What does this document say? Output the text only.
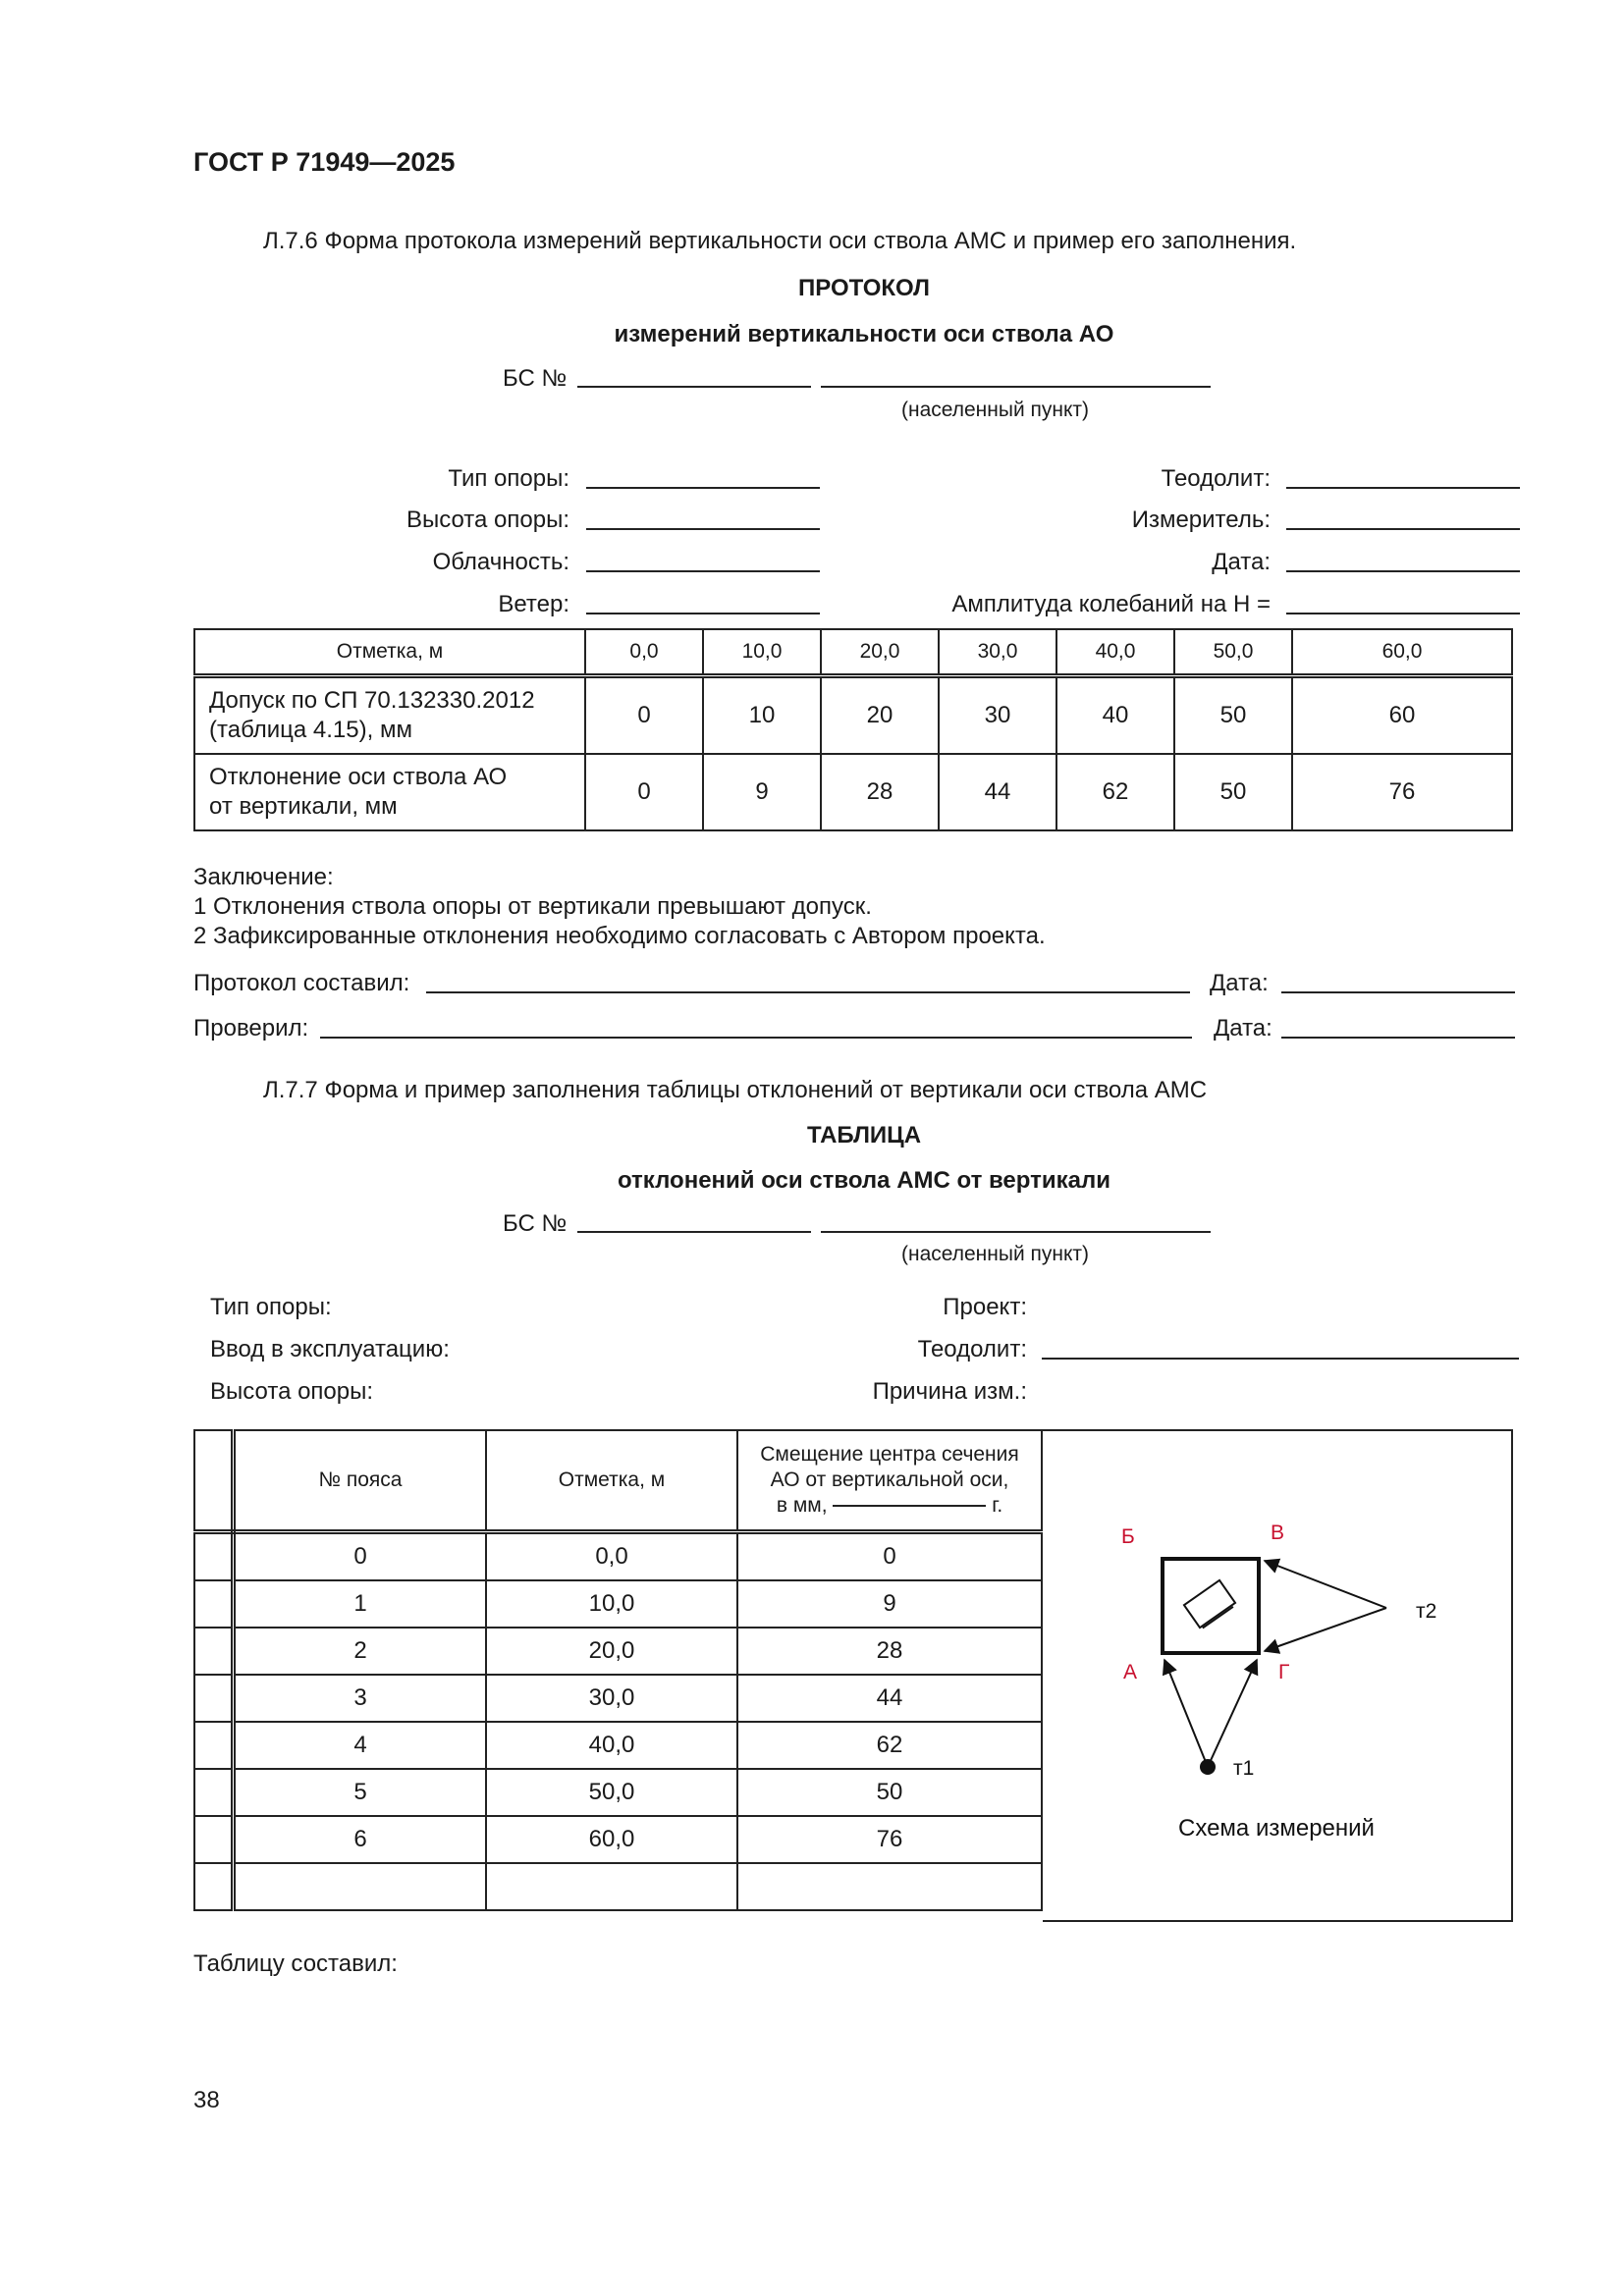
ГОСТ Р 71949—2025
Л.7.6 Форма протокола измерений вертикальности оси ствола АМС и пример его заполнения.
ПРОТОКОЛ
измерений вертикальности оси ствола АО
БС №
(населенный пункт)
Тип опоры:
Высота опоры:
Облачность:
Ветер:
Теодолит:
Измеритель:
Дата:
Амплитуда колебаний на Н =
Отметка, м	0,0	10,0	20,0	30,0	40,0	50,0	60,0
Допуск по СП 70.132330.2012
(таблица 4.15), мм	0	10	20	30	40	50	60
Отклонение оси ствола АО
от вертикали, мм	0	9	28	44	62	50	76
Заключение:
1 Отклонения ствола опоры от вертикали превышают допуск.
2 Зафиксированные отклонения необходимо согласовать с Автором проекта.
Протокол составил:	Дата:
Проверил:	Дата:
Л.7.7 Форма и пример заполнения таблицы отклонений от вертикали оси ствола АМС
ТАБЛИЦА
отклонений оси ствола АМС от вертикали
БС №
(населенный пункт)
Тип опоры:
Ввод в эксплуатацию:
Высота опоры:
Проект:
Теодолит:
Причина изм.:
	№ пояса	Отметка, м	Смещение центра сечения
АО от вертикальной оси,
в мм, г.
	0	0,0	0
	1	10,0	9
	2	20,0	28
	3	30,0	44
	4	40,0	62
	5	50,0	50
	6	60,0	76

Б	В
А	Г
т1
т2
Схема измерений
Таблицу составил:
38
